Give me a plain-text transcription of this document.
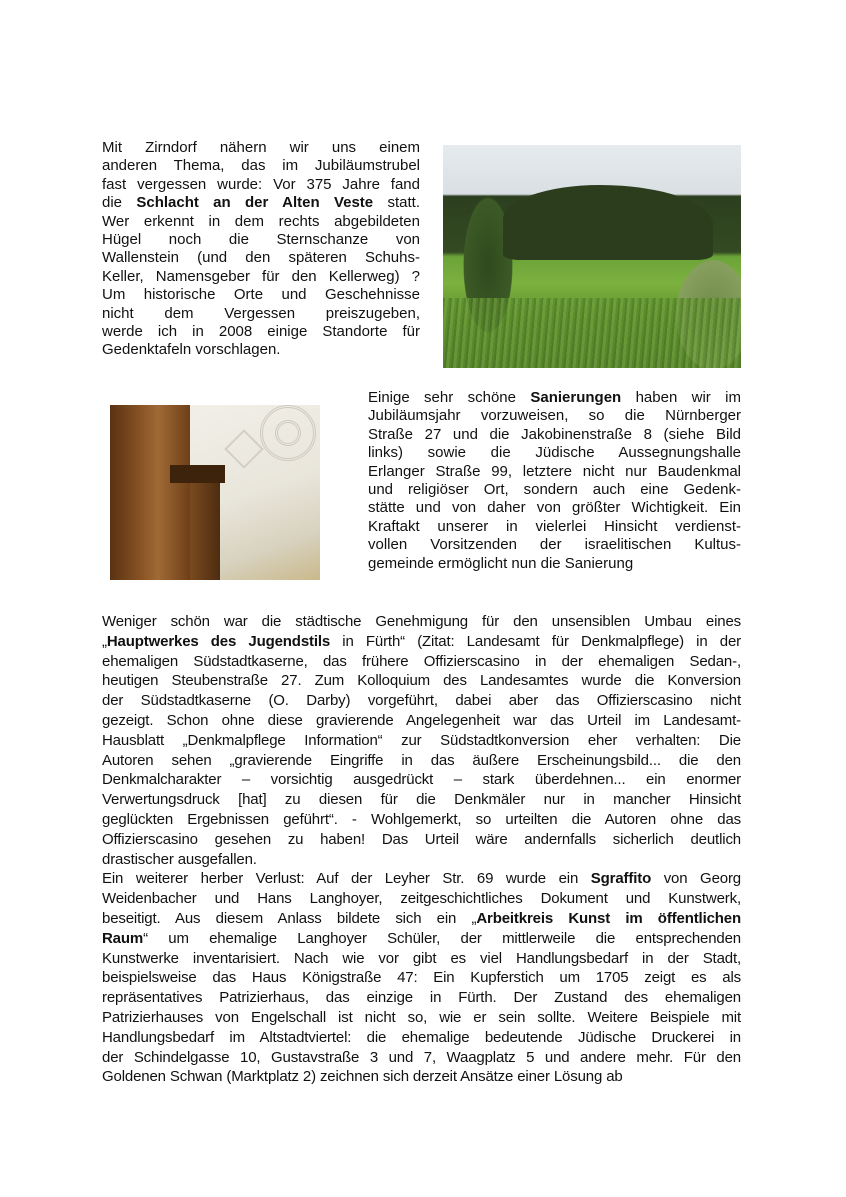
Mit Zirndorf nähern wir uns einem
anderen Thema, das im Jubiläumstrubel
fast vergessen wurde: Vor 375 Jahre fand
die Schlacht an der Alten Veste statt.
Wer erkennt in dem rechts abgebildeten
Hügel noch die Sternschanze von
Wallenstein (und den späteren Schuhs-
Keller, Namensgeber für den Kellerweg) ?
Um historische Orte und Geschehnisse
nicht dem Vergessen preiszugeben,
werde ich in 2008 einige Standorte für
Gedenktafeln vorschlagen.
Einige sehr schöne Sanierungen haben wir im
Jubiläumsjahr vorzuweisen, so die Nürnberger
Straße 27 und die Jakobinenstraße 8 (siehe Bild
links) sowie die Jüdische Aussegnungshalle
Erlanger Straße 99, letztere nicht nur Baudenkmal
und religiöser Ort, sondern auch eine Gedenk-
stätte und von daher von größter Wichtigkeit. Ein
Kraftakt unserer in vielerlei Hinsicht verdienst-
vollen Vorsitzenden der israelitischen Kultus-
gemeinde ermöglicht nun die Sanierung
Weniger schön war die städtische Genehmigung für den unsensiblen Umbau eines
„Hauptwerkes des Jugendstils in Fürth“ (Zitat: Landesamt für Denkmalpflege) in der
ehemaligen Südstadtkaserne, das frühere Offizierscasino in der ehemaligen Sedan-,
heutigen Steubenstraße 27. Zum Kolloquium des Landesamtes wurde die Konversion
der Südstadtkaserne (O. Darby) vorgeführt, dabei aber das Offizierscasino nicht
gezeigt. Schon ohne diese gravierende Angelegenheit war das Urteil im Landesamt-
Hausblatt „Denkmalpflege Information“ zur Südstadtkonversion eher verhalten: Die
Autoren sehen „gravierende Eingriffe in das äußere Erscheinungsbild... die den
Denkmalcharakter – vorsichtig ausgedrückt – stark überdehnen... ein enormer
Verwertungsdruck [hat] zu diesen für die Denkmäler nur in mancher Hinsicht
geglückten Ergebnissen geführt“. - Wohlgemerkt, so urteilten die Autoren ohne das
Offizierscasino gesehen zu haben! Das Urteil wäre andernfalls sicherlich deutlich
drastischer ausgefallen.
Ein weiterer herber Verlust: Auf der Leyher Str. 69 wurde ein Sgraffito von Georg
Weidenbacher und Hans Langhoyer, zeitgeschichtliches Dokument und Kunstwerk,
beseitigt. Aus diesem Anlass bildete sich ein „Arbeitkreis Kunst im öffentlichen
Raum“ um ehemalige Langhoyer Schüler, der mittlerweile die entsprechenden
Kunstwerke inventarisiert. Nach wie vor gibt es viel Handlungsbedarf in der Stadt,
beispielsweise das Haus Königstraße 47: Ein Kupferstich um 1705 zeigt es als
repräsentatives Patrizierhaus, das einzige in Fürth. Der Zustand des ehemaligen
Patrizierhauses von Engelschall ist nicht so, wie er sein sollte. Weitere Beispiele mit
Handlungsbedarf im Altstadtviertel: die ehemalige bedeutende Jüdische Druckerei in
der Schindelgasse 10, Gustavstraße 3 und 7, Waagplatz 5 und andere mehr. Für den
Goldenen Schwan (Marktplatz 2) zeichnen sich derzeit Ansätze einer Lösung ab
